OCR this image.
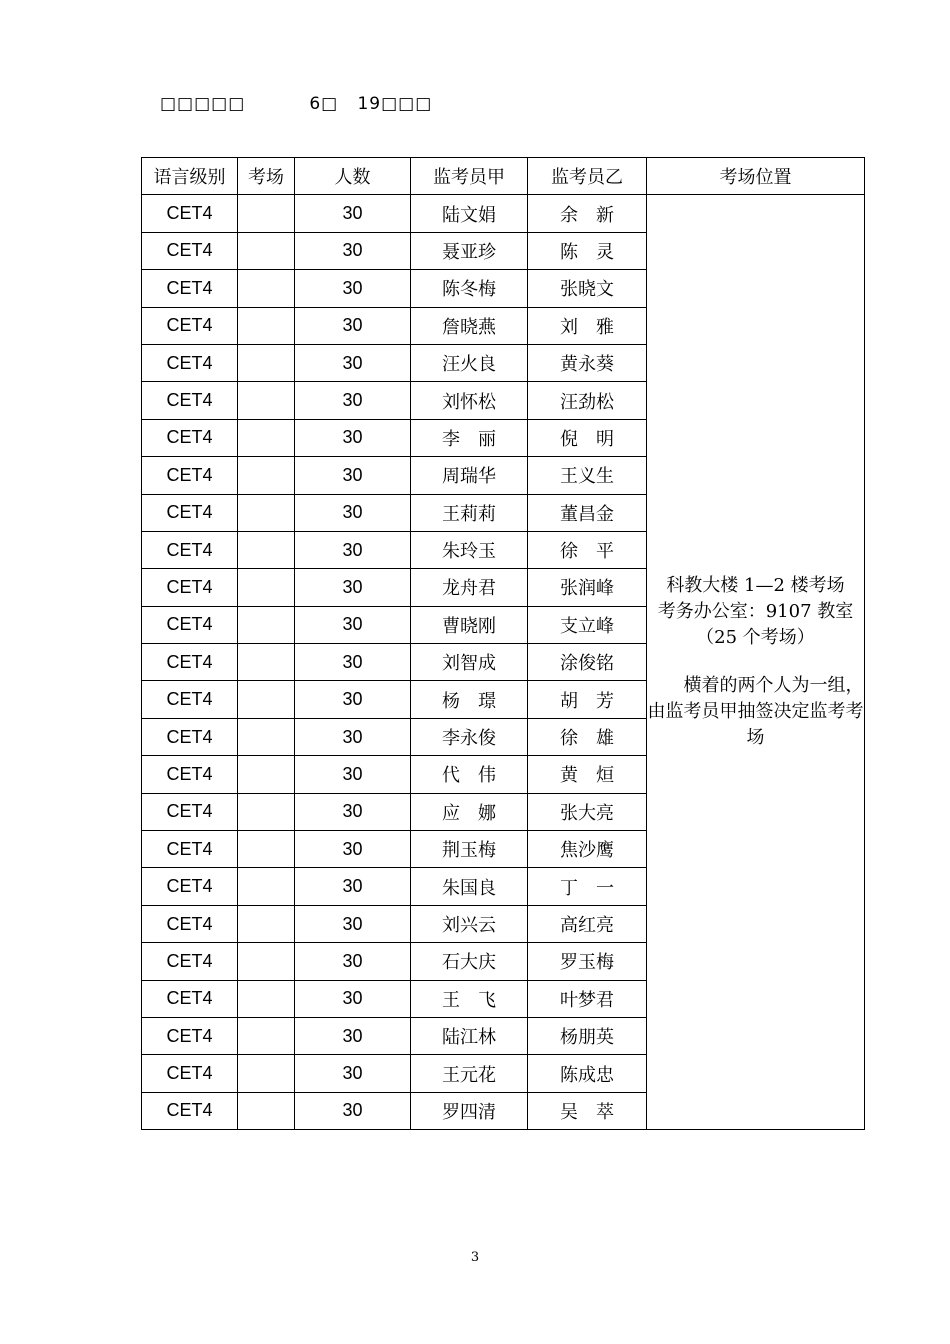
□□□□□          6□   19□□□
语言级别	考场	人数	监考员甲	监考员乙	考场位置
CET4		30	陆文娟	余　新	科教大楼 1—2 楼考场
考务办公室：9107 教室
（25 个考场）
横着的两个人为一组，由监考员甲抽签决定监考考场

CET4		30	聂亚珍	陈　灵	
CET4		30	陈冬梅	张晓文	
CET4		30	詹晓燕	刘　雅	
CET4		30	汪火良	黄永葵	
CET4		30	刘怀松	汪劲松	
CET4		30	李　丽	倪　明	
CET4		30	周瑞华	王义生	
CET4		30	王莉莉	董昌金	
CET4		30	朱玲玉	徐　平	
CET4		30	龙舟君	张润峰	
CET4		30	曹晓刚	支立峰	
CET4		30	刘智成	涂俊铭	
CET4		30	杨　璟	胡　芳	
CET4		30	李永俊	徐　雄	
CET4		30	代　伟	黄　烜	
CET4		30	应　娜	张大亮	
CET4		30	荆玉梅	焦沙鹰	
CET4		30	朱国良	丁　一	
CET4		30	刘兴云	高红亮	
CET4		30	石大庆	罗玉梅	
CET4		30	王　飞	叶梦君	
CET4		30	陆江林	杨朋英	
CET4		30	王元花	陈成忠	
CET4		30	罗四清	吴　萃	
3
